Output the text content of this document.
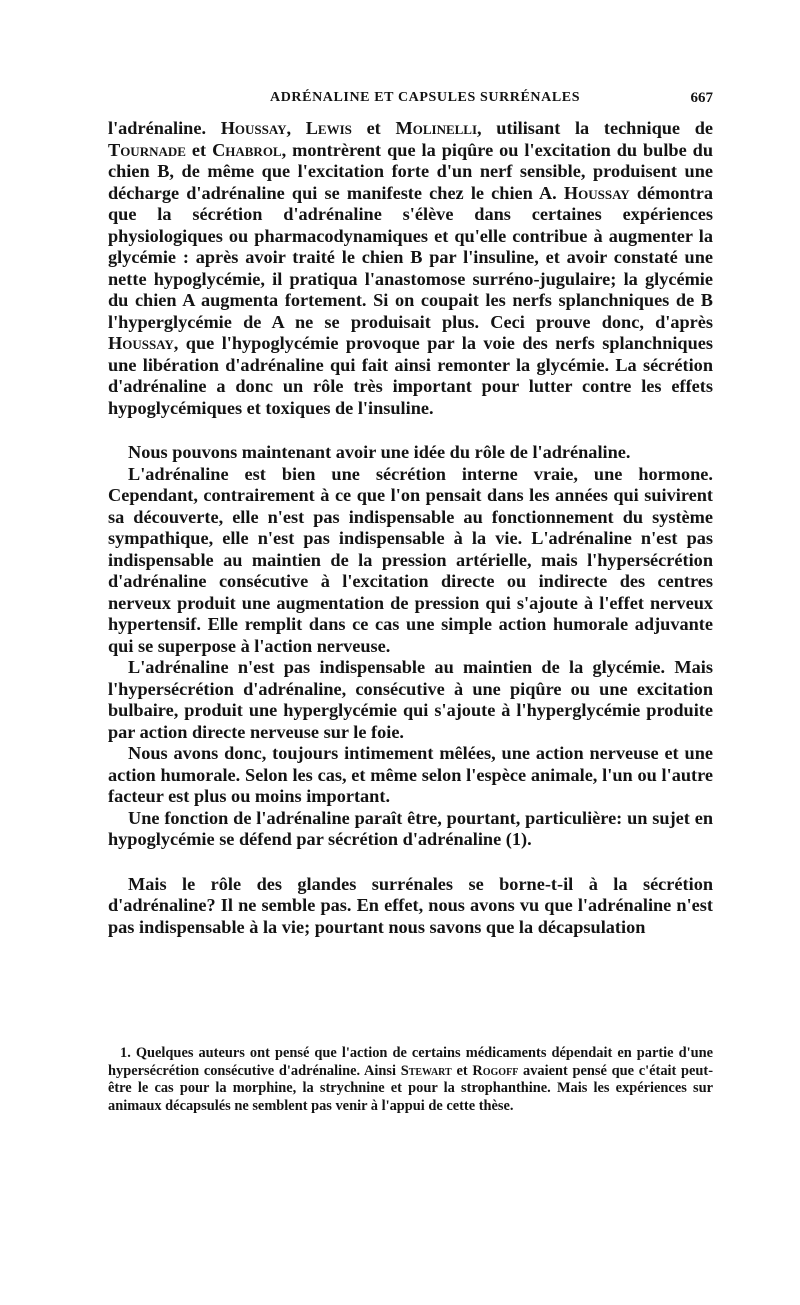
ADRÉNALINE ET CAPSULES SURRÉNALES	667

l'adrénaline. Houssay, Lewis et Molinelli, utilisant la technique de Tournade et Chabrol, montrèrent que la piqûre ou l'excitation du bulbe du chien B, de même que l'excitation forte d'un nerf sensible, produisent une décharge d'adrénaline qui se manifeste chez le chien A. Houssay démontra que la sécrétion d'adrénaline s'élève dans certaines expériences physiologiques ou pharmacodynamiques et qu'elle contribue à augmenter la glycémie : après avoir traité le chien B par l'insuline, et avoir constaté une nette hypoglycémie, il pratiqua l'anastomose surréno-jugulaire; la glycémie du chien A augmenta fortement. Si on coupait les nerfs splanchniques de B l'hyperglycémie de A ne se produisait plus. Ceci prouve donc, d'après Houssay, que l'hypoglycémie provoque par la voie des nerfs splanchniques une libération d'adrénaline qui fait ainsi remonter la glycémie. La sécrétion d'adrénaline a donc un rôle très important pour lutter contre les effets hypoglycémiques et toxiques de l'insuline.

Nous pouvons maintenant avoir une idée du rôle de l'adrénaline.

L'adrénaline est bien une sécrétion interne vraie, une hormone. Cependant, contrairement à ce que l'on pensait dans les années qui suivirent sa découverte, elle n'est pas indispensable au fonctionnement du système sympathique, elle n'est pas indispensable à la vie. L'adrénaline n'est pas indispensable au maintien de la pression artérielle, mais l'hypersécrétion d'adrénaline consécutive à l'excitation directe ou indirecte des centres nerveux produit une augmentation de pression qui s'ajoute à l'effet nerveux hypertensif. Elle remplit dans ce cas une simple action humorale adjuvante qui se superpose à l'action nerveuse.

L'adrénaline n'est pas indispensable au maintien de la glycémie. Mais l'hypersécrétion d'adrénaline, consécutive à une piqûre ou une excitation bulbaire, produit une hyperglycémie qui s'ajoute à l'hyperglycémie produite par action directe nerveuse sur le foie.

Nous avons donc, toujours intimement mêlées, une action nerveuse et une action humorale. Selon les cas, et même selon l'espèce animale, l'un ou l'autre facteur est plus ou moins important.

Une fonction de l'adrénaline paraît être, pourtant, particulière: un sujet en hypoglycémie se défend par sécrétion d'adrénaline (1).

Mais le rôle des glandes surrénales se borne-t-il à la sécrétion d'adrénaline? Il ne semble pas. En effet, nous avons vu que l'adrénaline n'est pas indispensable à la vie; pourtant nous savons que la décapsulation

1. Quelques auteurs ont pensé que l'action de certains médicaments dépendait en partie d'une hypersécrétion consécutive d'adrénaline. Ainsi Stewart et Rogoff avaient pensé que c'était peut-être le cas pour la morphine, la strychnine et pour la strophanthine. Mais les expériences sur animaux décapsulés ne semblent pas venir à l'appui de cette thèse.
